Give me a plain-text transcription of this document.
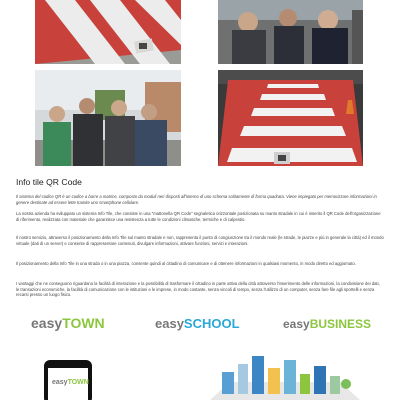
Info tile QR Code

Il sistema del codice QR è un codice a barre a matrice, composto da moduli neri disposti all'interno di uno schema solitamente di forma quadrata. Viene impiegato per memorizzare informazioni in genere destinate ad essere lette tramite uno smartphone cellulare.

La nostra azienda ha sviluppato un sistema Info Tile, che consiste in una "mattonella QR Code" segnaletica orizzontale posizionata su manto stradale in cui è inserito il QR Code dell'organizzazione di riferimento, realizzata con materiale che garantisce una resistenza a tutte le condizioni climatiche, termiche e di calpestio.

Il nostro servizio, attraverso il posizionamento della Info Tile sul manto stradale e non, rappresenta il punto di congiunzione tra il mondo reale (le strade, le piazze e più in generale la città) ed il mondo virtuale (dati di un server) e consente di rappresentare contenuti, divulgare informazioni, attivare funzioni, servizi e interazioni.

Il posizionamento della Info Tile in una strada o in una piazza, consente quindi al cittadino di comunicare e di ottenere informazioni in qualsiasi momento, in modo diretto ed aggiornato.

I vantaggi che ne conseguono riguardano la facilità di interazione e la possibilità di trasformare il cittadino in parte attiva della città attraverso l'inserimento delle informazioni, la condivisione dei dati, le transazioni economiche, la facilità di comunicazione con le istituzioni e le imprese, in modo costante, senza vincoli di tempo, senza l'utilizzo di un computer, senza fare file agli sportelli e senza recarsi presso un luogo fisico.

easyTOWN	easySCHOOL	easyBUSINESS
easyTOWN
